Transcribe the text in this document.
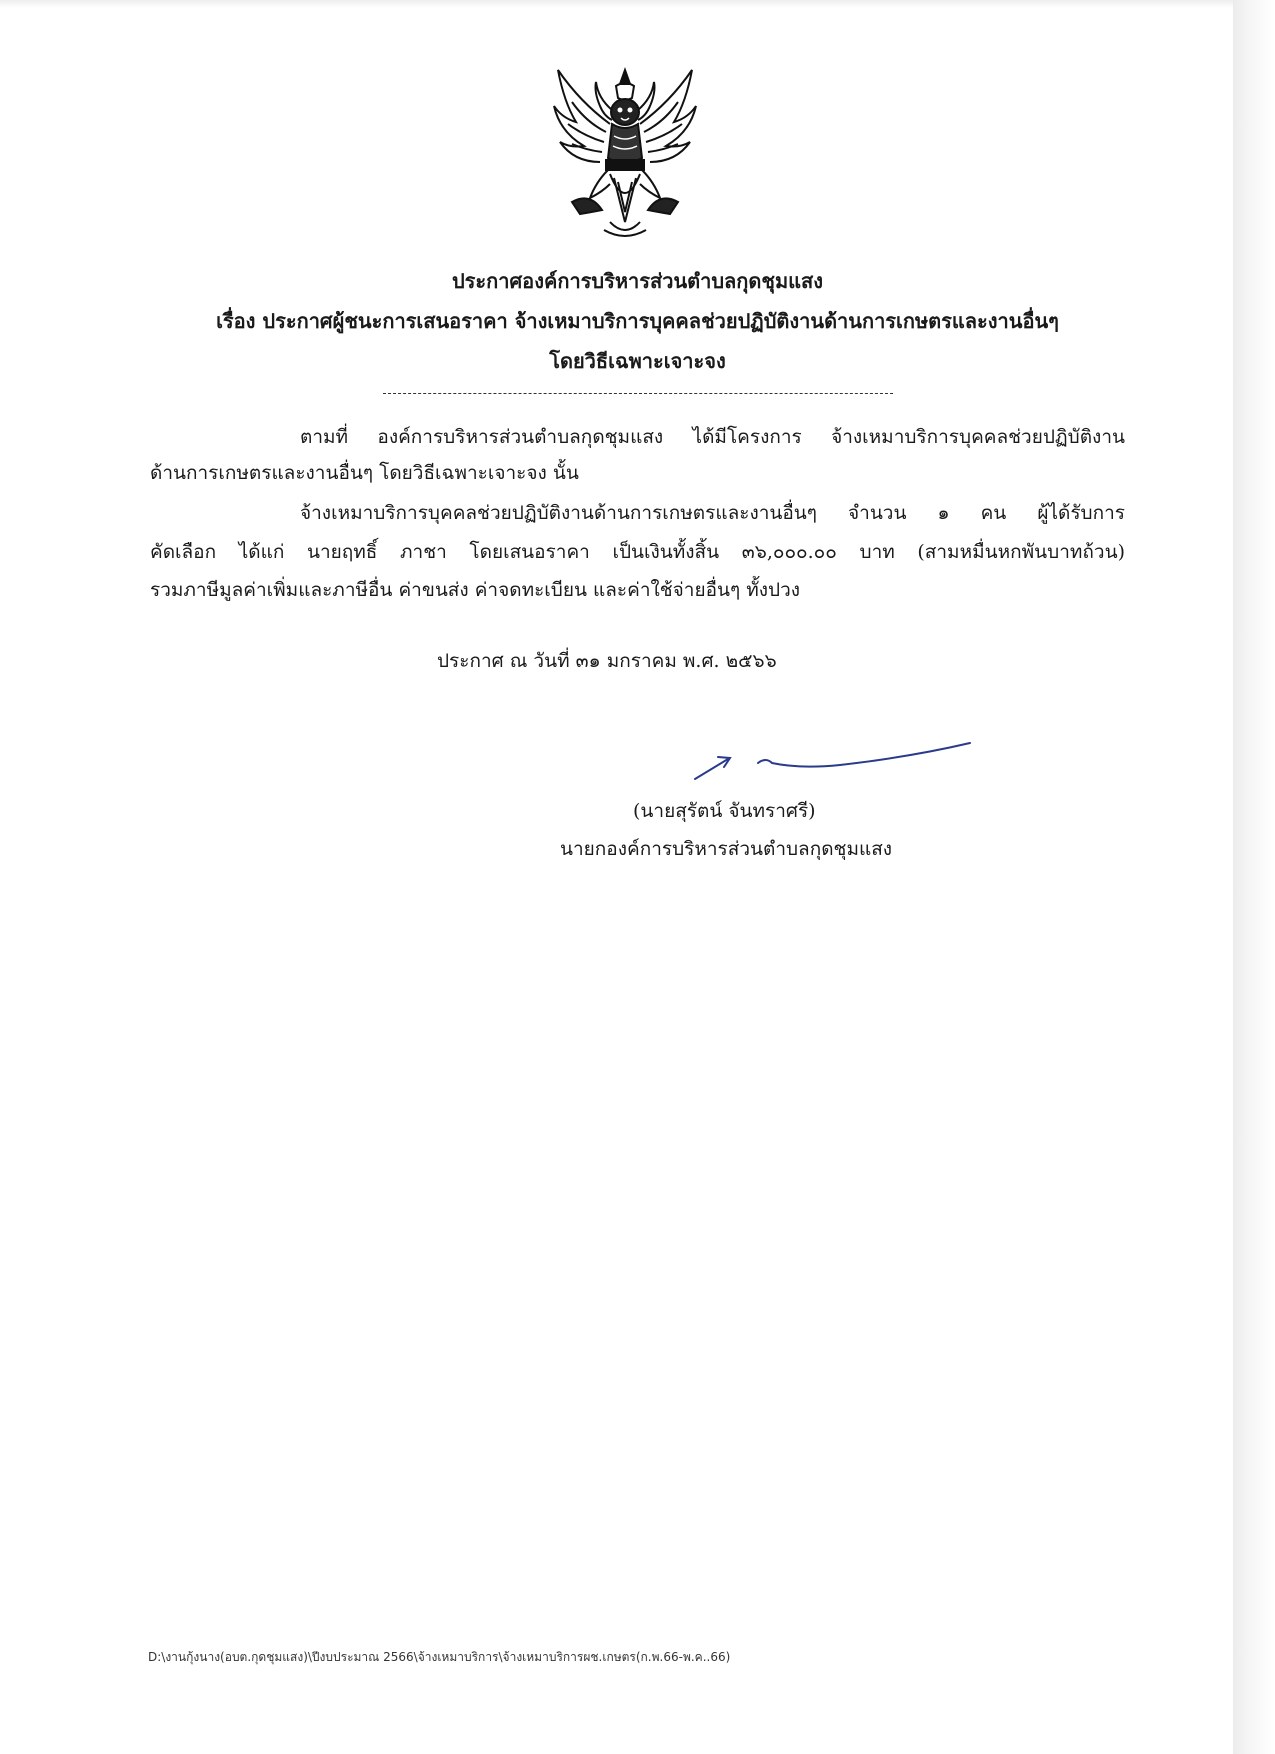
ประกาศองค์การบริหารส่วนตำบลกุดชุมแสง
เรื่อง ประกาศผู้ชนะการเสนอราคา จ้างเหมาบริการบุคคลช่วยปฏิบัติงานด้านการเกษตรและงานอื่นๆ
โดยวิธีเฉพาะเจาะจง
ตามที่ องค์การบริหารส่วนตำบลกุดชุมแสง ได้มีโครงการ จ้างเหมาบริการบุคคลช่วยปฏิบัติงาน
ด้านการเกษตรและงานอื่นๆ โดยวิธีเฉพาะเจาะจง นั้น
จ้างเหมาบริการบุคคลช่วยปฏิบัติงานด้านการเกษตรและงานอื่นๆ จำนวน ๑ คน ผู้ได้รับการ
คัดเลือก ได้แก่ นายฤทธิ์ ภาชา โดยเสนอราคา เป็นเงินทั้งสิ้น ๓๖,๐๐๐.๐๐ บาท (สามหมื่นหกพันบาทถ้วน)
รวมภาษีมูลค่าเพิ่มและภาษีอื่น ค่าขนส่ง ค่าจดทะเบียน และค่าใช้จ่ายอื่นๆ ทั้งปวง
ประกาศ ณ วันที่ ๓๑ มกราคม พ.ศ. ๒๕๖๖
(นายสุรัตน์ จันทราศรี)
นายกองค์การบริหารส่วนตำบลกุดชุมแสง
D:\งานกุ้งนาง(อบต.กุดชุมแสง)\ปีงบประมาณ 2566\จ้างเหมาบริการ\จ้างเหมาบริการผช.เกษตร(ก.พ.66-พ.ค..66)
